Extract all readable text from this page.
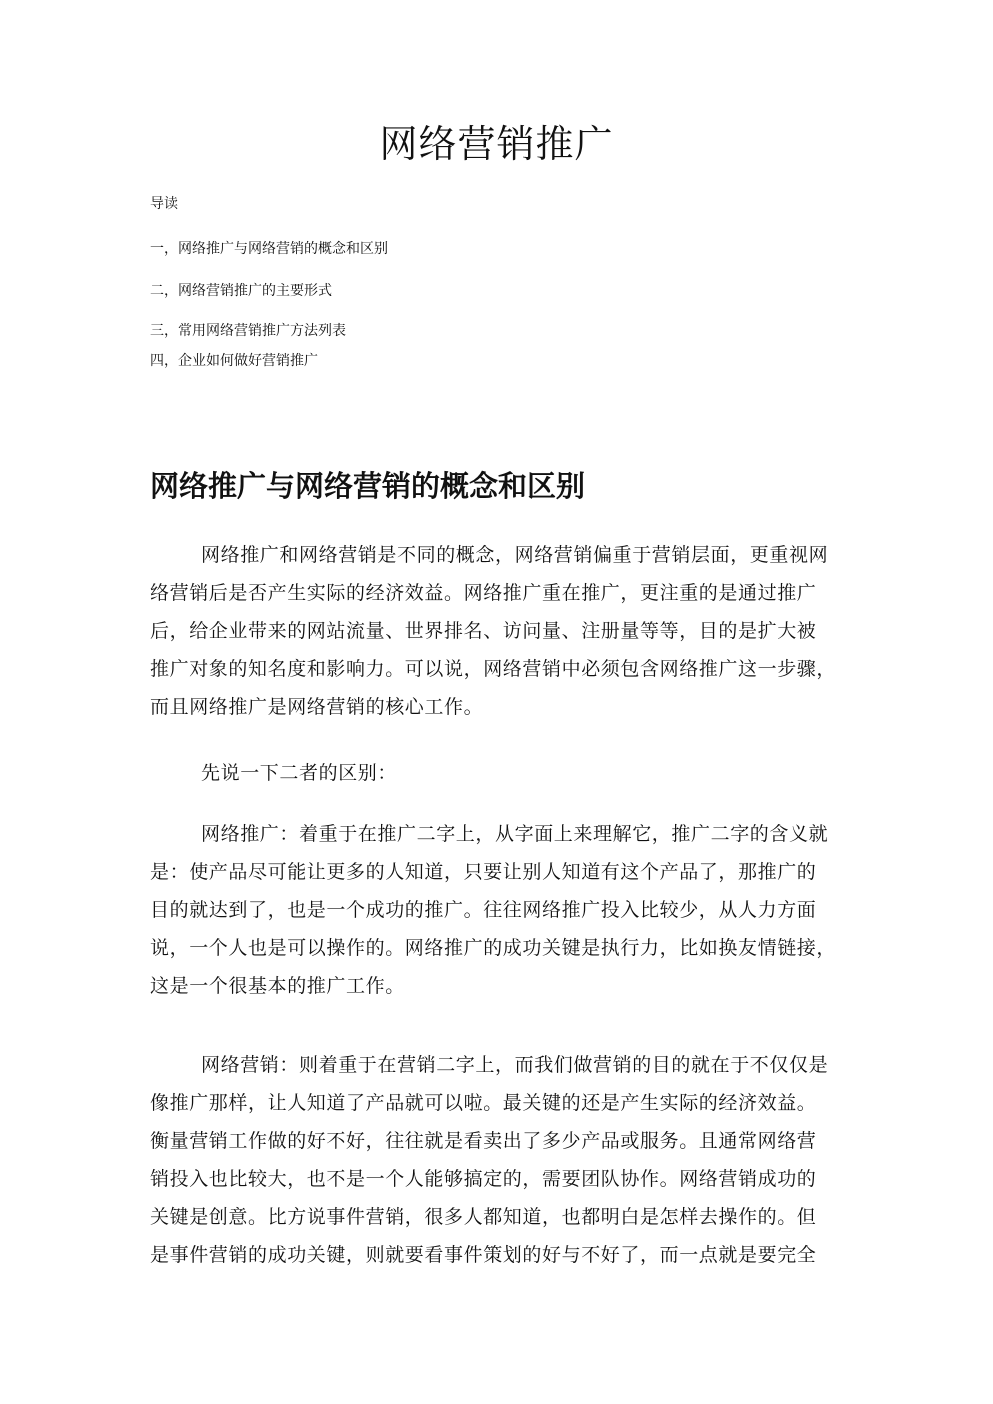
网络营销推广

导读

一，网络推广与网络营销的概念和区别

二，网络营销推广的主要形式

三，常用网络营销推广方法列表

四，企业如何做好营销推广

网络推广与网络营销的概念和区别
网络推广和网络营销是不同的概念，网络营销偏重于营销层面，更重视网
络营销后是否产生实际的经济效益。网络推广重在推广，更注重的是通过推广
后，给企业带来的网站流量、世界排名、访问量、注册量等等，目的是扩大被
推广对象的知名度和影响力。可以说，网络营销中必须包含网络推广这一步骤，
而且网络推广是网络营销的核心工作。
先说一下二者的区别：
网络推广：着重于在推广二字上，从字面上来理解它，推广二字的含义就
是：使产品尽可能让更多的人知道，只要让别人知道有这个产品了，那推广的
目的就达到了，也是一个成功的推广。往往网络推广投入比较少，从人力方面
说，一个人也是可以操作的。网络推广的成功关键是执行力，比如换友情链接，
这是一个很基本的推广工作。
网络营销：则着重于在营销二字上，而我们做营销的目的就在于不仅仅是
像推广那样，让人知道了产品就可以啦。最关键的还是产生实际的经济效益。
衡量营销工作做的好不好，往往就是看卖出了多少产品或服务。且通常网络营
销投入也比较大，也不是一个人能够搞定的，需要团队协作。网络营销成功的
关键是创意。比方说事件营销，很多人都知道，也都明白是怎样去操作的。但
是事件营销的成功关键，则就要看事件策划的好与不好了，而一点就是要完全
